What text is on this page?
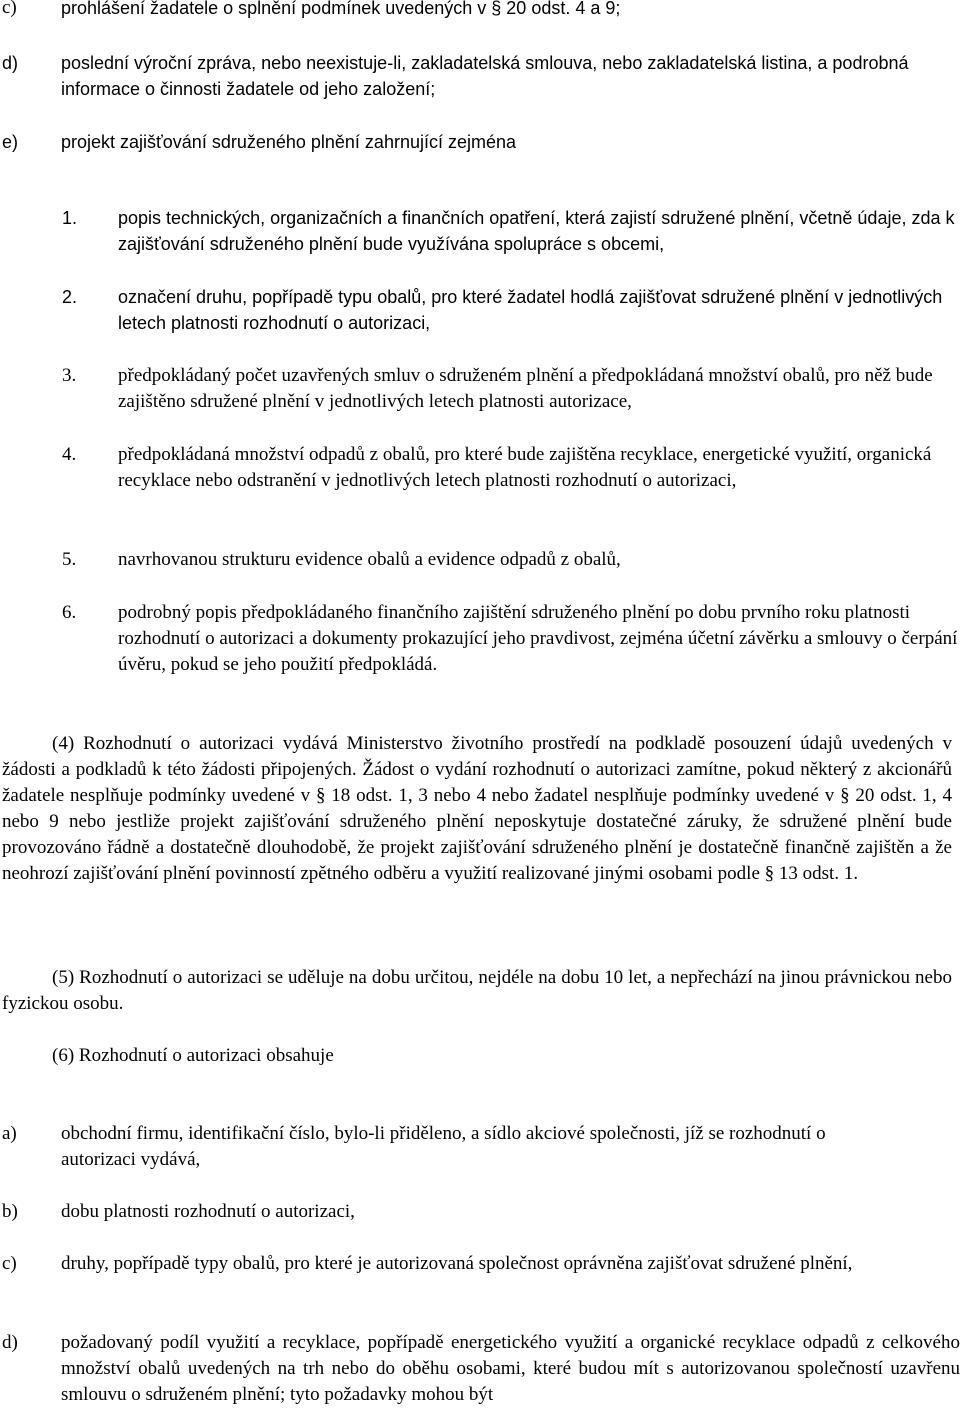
c) prohlášení žadatele o splnění podmínek uvedených v § 20 odst. 4 a 9;
d) poslední výroční zpráva, nebo neexistuje-li, zakladatelská smlouva, nebo zakladatelská listina, a podrobná informace o činnosti žadatele od jeho založení;
e) projekt zajišťování sdruženého plnění zahrnující zejména
1. popis technických, organizačních a finančních opatření, která zajistí sdružené plnění, včetně údaje, zda k zajišťování sdruženého plnění bude využívána spolupráce s obcemi,
2. označení druhu, popřípadě typu obalů, pro které žadatel hodlá zajišťovat sdružené plnění v jednotlivých letech platnosti rozhodnutí o autorizaci,
3. předpokládaný počet uzavřených smluv o sdruženém plnění a předpokládaná množství obalů, pro něž bude zajištěno sdružené plnění v jednotlivých letech platnosti autorizace,
4. předpokládaná množství odpadů z obalů, pro které bude zajištěna recyklace, energetické využití, organická recyklace nebo odstranění v jednotlivých letech platnosti rozhodnutí o autorizaci,
5. navrhovanou strukturu evidence obalů a evidence odpadů z obalů,
6. podrobný popis předpokládaného finančního zajištění sdruženého plnění po dobu prvního roku platnosti rozhodnutí o autorizaci a dokumenty prokazující jeho pravdivost, zejména účetní závěrku a smlouvy o čerpání úvěru, pokud se jeho použití předpokládá.
(4) Rozhodnutí o autorizaci vydává Ministerstvo životního prostředí na podkladě posouzení údajů uvedených v žádosti a podkladů k této žádosti připojených. Žádost o vydání rozhodnutí o autorizaci zamítne, pokud některý z akcionářů žadatele nesplňuje podmínky uvedené v § 18 odst. 1, 3 nebo 4 nebo žadatel nesplňuje podmínky uvedené v § 20 odst. 1, 4 nebo 9 nebo jestliže projekt zajišťování sdruženého plnění neposkytuje dostatečné záruky, že sdružené plnění bude provozováno řádně a dostatečně dlouhodobě, že projekt zajišťování sdruženého plnění je dostatečně finančně zajištěn a že neohrozí zajišťování plnění povinností zpětného odběru a využití realizované jinými osobami podle § 13 odst. 1.
(5) Rozhodnutí o autorizaci se uděluje na dobu určitou, nejdéle na dobu 10 let, a nepřechází na jinou právnickou nebo fyzickou osobu.
(6) Rozhodnutí o autorizaci obsahuje
a) obchodní firmu, identifikační číslo, bylo-li přiděleno, a sídlo akciové společnosti, jíž se rozhodnutí o autorizaci vydává,
b) dobu platnosti rozhodnutí o autorizaci,
c) druhy, popřípadě typy obalů, pro které je autorizovaná společnost oprávněna zajišťovat sdružené plnění,
d) požadovaný podíl využití a recyklace, popřípadě energetického využití a organické recyklace odpadů z celkového množství obalů uvedených na trh nebo do oběhu osobami, které budou mít s autorizovanou společností uzavřenu smlouvu o sdruženém plnění; tyto požadavky mohou být
